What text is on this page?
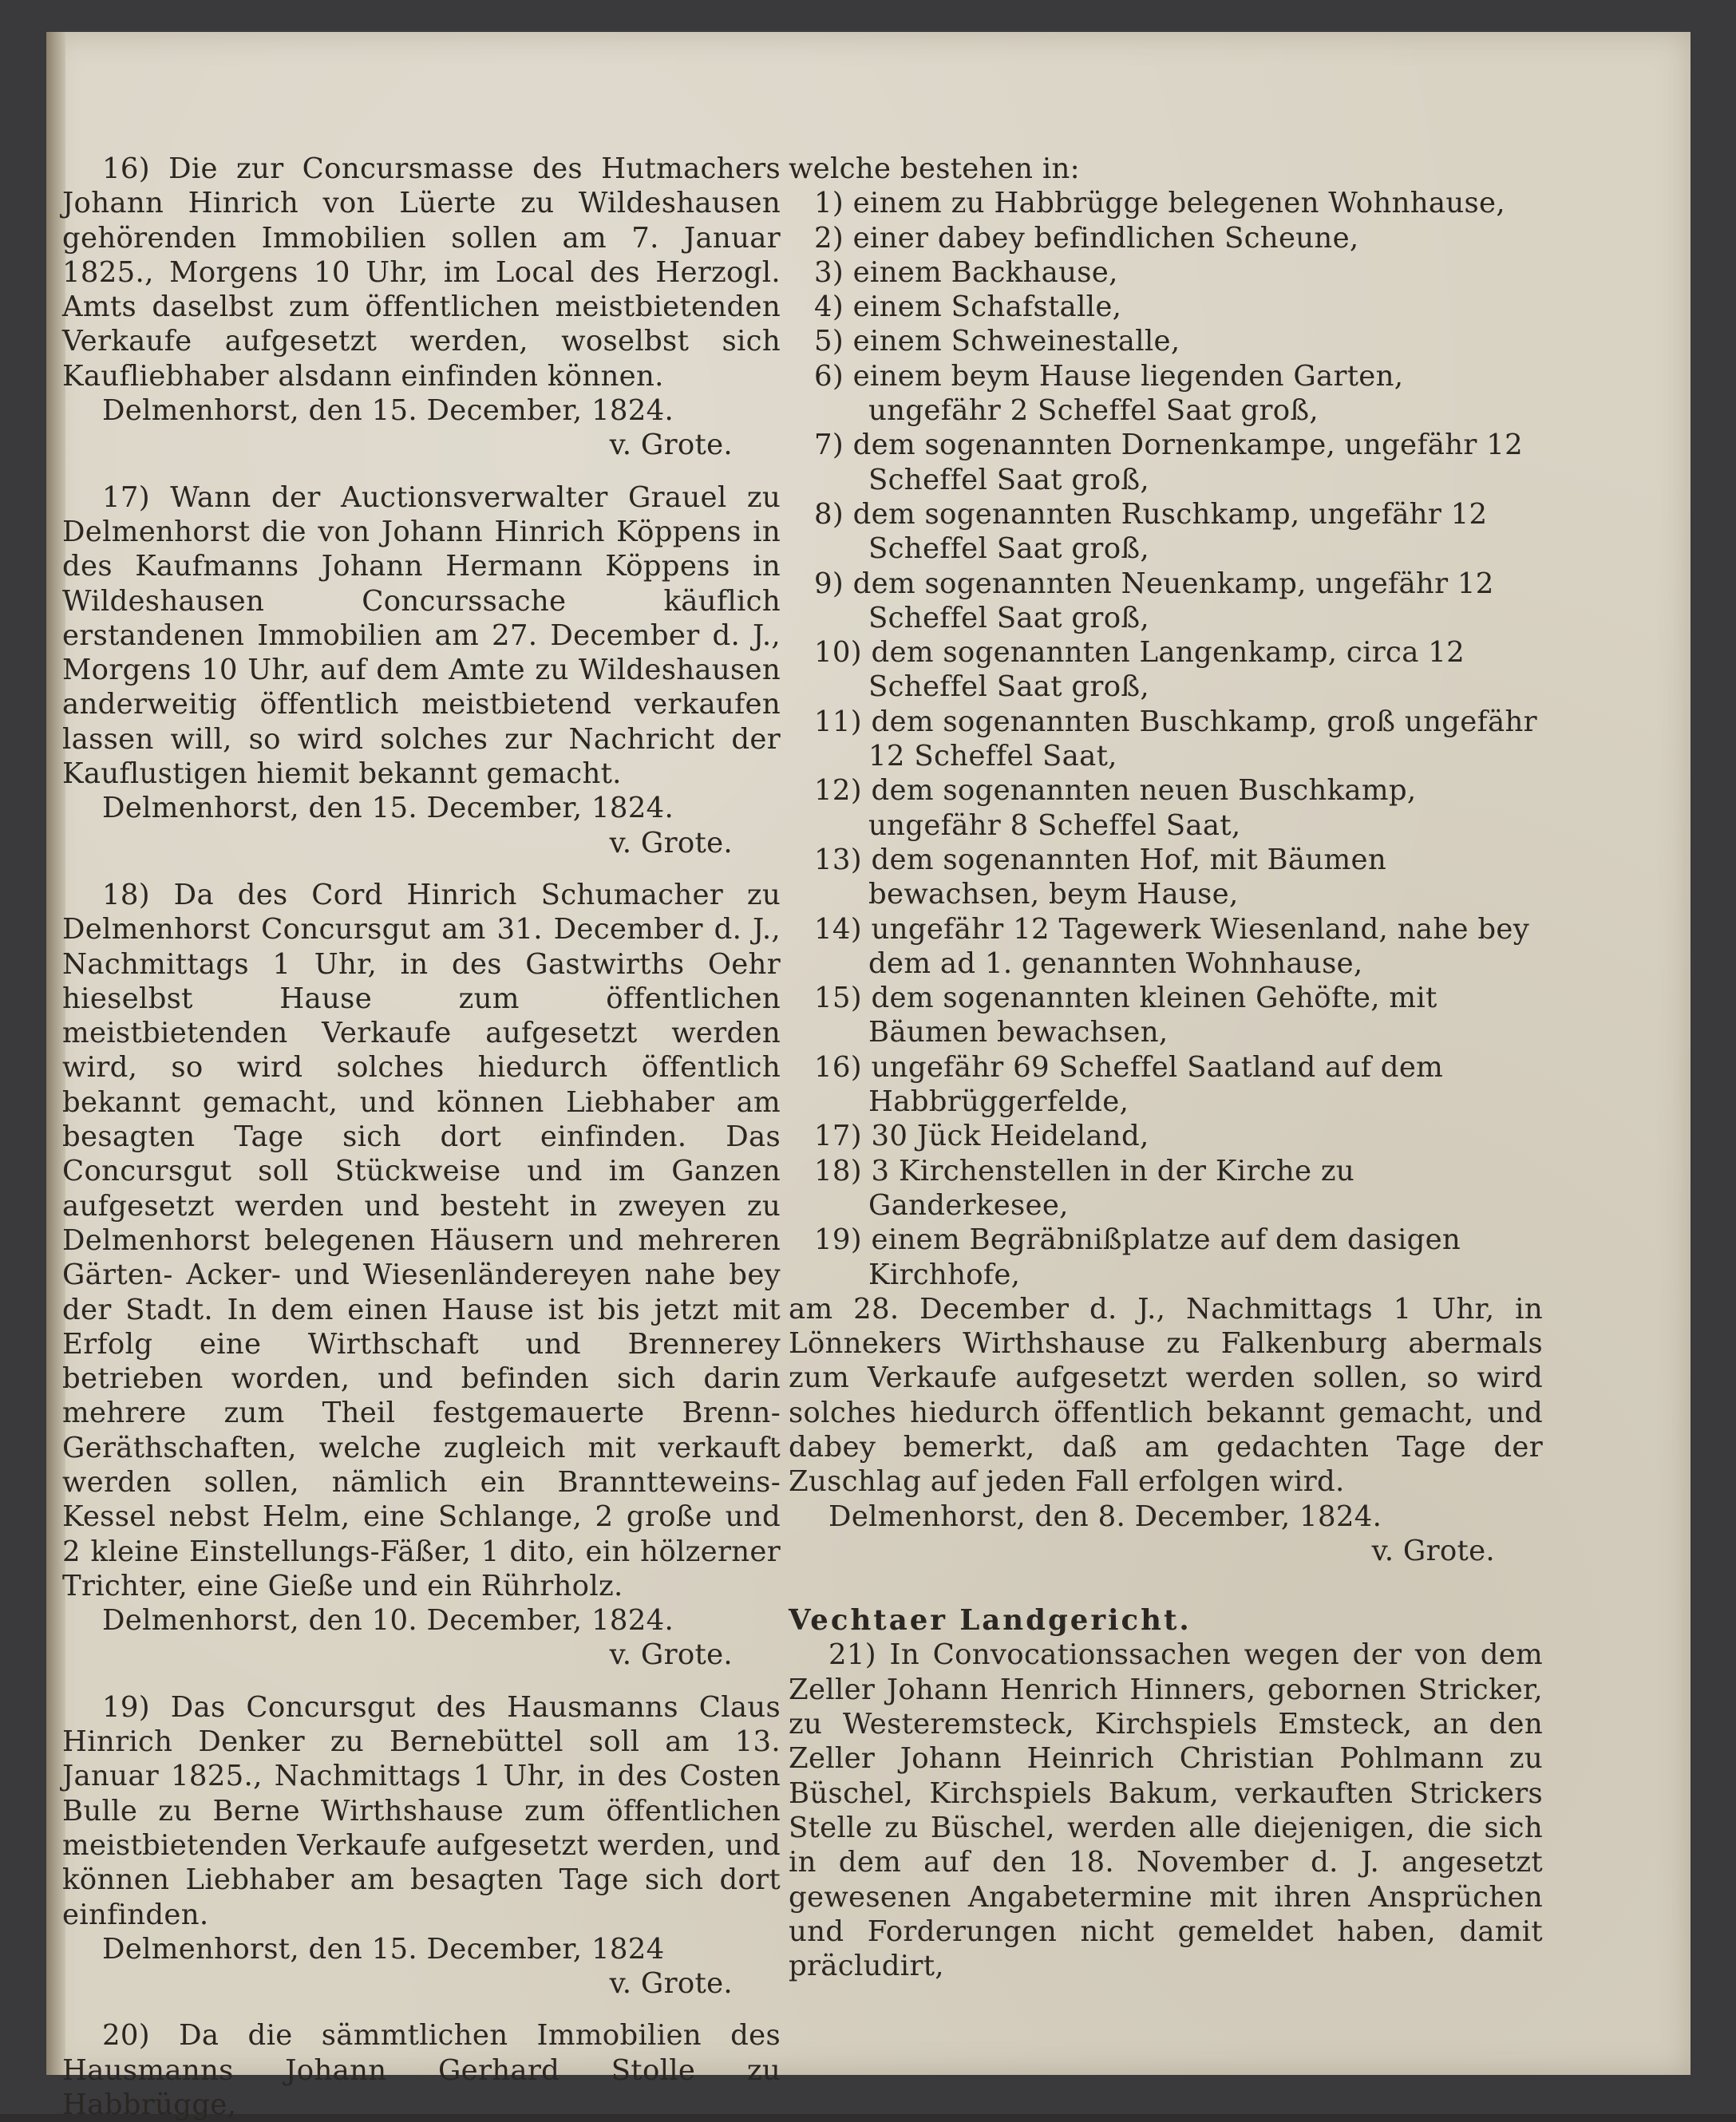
16) Die zur Concursmasse des Hutmachers Johann Hinrich von Lüerte zu Wildeshausen gehörenden Immobilien sollen am 7. Januar 1825., Morgens 10 Uhr, im Local des Herzogl. Amts daselbst zum öffentlichen meistbietenden Verkaufe aufgesetzt werden, woselbst sich Kaufliebhaber alsdann einfinden können.

Delmenhorst, den 15. December, 1824.

v. Grote.

17) Wann der Auctionsverwalter Grauel zu Delmenhorst die von Johann Hinrich Köppens in des Kaufmanns Johann Hermann Köppens in Wildeshausen Concurssache käuflich erstandenen Immobilien am 27. December d. J., Morgens 10 Uhr, auf dem Amte zu Wildeshausen anderweitig öffentlich meistbietend verkaufen lassen will, so wird solches zur Nachricht der Kauflustigen hiemit bekannt gemacht.

Delmenhorst, den 15. December, 1824.

v. Grote.

18) Da des Cord Hinrich Schumacher zu Delmenhorst Concursgut am 31. December d. J., Nachmittags 1 Uhr, in des Gastwirths Oehr hieselbst Hause zum öffentlichen meistbietenden Verkaufe aufgesetzt werden wird, so wird solches hiedurch öffentlich bekannt gemacht, und können Liebhaber am besagten Tage sich dort einfinden. Das Concursgut soll Stückweise und im Ganzen aufgesetzt werden und besteht in zweyen zu Delmenhorst belegenen Häusern und mehreren Gärten- Acker- und Wiesenländereyen nahe bey der Stadt. In dem einen Hause ist bis jetzt mit Erfolg eine Wirthschaft und Brennerey betrieben worden, und befinden sich darin mehrere zum Theil festgemauerte Brenn-Geräthschaften, welche zugleich mit verkauft werden sollen, nämlich ein Branntteweins-Kessel nebst Helm, eine Schlange, 2 große und 2 kleine Einstellungs-Fäßer, 1 dito, ein hölzerner Trichter, eine Gieße und ein Rührholz.

Delmenhorst, den 10. December, 1824.

v. Grote.

19) Das Concursgut des Hausmanns Claus Hinrich Denker zu Bernebüttel soll am 13. Januar 1825., Nachmittags 1 Uhr, in des Costen Bulle zu Berne Wirthshause zum öffentlichen meistbietenden Verkaufe aufgesetzt werden, und können Liebhaber am besagten Tage sich dort einfinden.

Delmenhorst, den 15. December, 1824

v. Grote.

20) Da die sämmtlichen Immobilien des Hausmanns Johann Gerhard Stolle zu Habbrügge,

welche bestehen in:

1) einem zu Habbrügge belegenen Wohnhause,
2) einer dabey befindlichen Scheune,
3) einem Backhause,
4) einem Schafstalle,
5) einem Schweinestalle,
6) einem beym Hause liegenden Garten, ungefähr 2 Scheffel Saat groß,
7) dem sogenannten Dornenkampe, ungefähr 12 Scheffel Saat groß,
8) dem sogenannten Ruschkamp, ungefähr 12 Scheffel Saat groß,
9) dem sogenannten Neuenkamp, ungefähr 12 Scheffel Saat groß,
10) dem sogenannten Langenkamp, circa 12 Scheffel Saat groß,
11) dem sogenannten Buschkamp, groß ungefähr 12 Scheffel Saat,
12) dem sogenannten neuen Buschkamp, ungefähr 8 Scheffel Saat,
13) dem sogenannten Hof, mit Bäumen bewachsen, beym Hause,
14) ungefähr 12 Tagewerk Wiesenland, nahe bey dem ad 1. genannten Wohnhause,
15) dem sogenannten kleinen Gehöfte, mit Bäumen bewachsen,
16) ungefähr 69 Scheffel Saatland auf dem Habbrüggerfelde,
17) 30 Jück Heideland,
18) 3 Kirchenstellen in der Kirche zu Ganderkesee,
19) einem Begräbnißplatze auf dem dasigen Kirchhofe,

am 28. December d. J., Nachmittags 1 Uhr, in Lönnekers Wirthshause zu Falkenburg abermals zum Verkaufe aufgesetzt werden sollen, so wird solches hiedurch öffentlich bekannt gemacht, und dabey bemerkt, daß am gedachten Tage der Zuschlag auf jeden Fall erfolgen wird.

Delmenhorst, den 8. December, 1824.

v. Grote.

Vechtaer Landgericht.

21) In Convocationssachen wegen der von dem Zeller Johann Henrich Hinners, gebornen Stricker, zu Westeremsteck, Kirchspiels Emsteck, an den Zeller Johann Heinrich Christian Pohlmann zu Büschel, Kirchspiels Bakum, verkauften Strickers Stelle zu Büschel, werden alle diejenigen, die sich in dem auf den 18. November d. J. angesetzt gewesenen Angabetermine mit ihren Ansprüchen und Forderungen nicht gemeldet haben, damit präcludirt,
